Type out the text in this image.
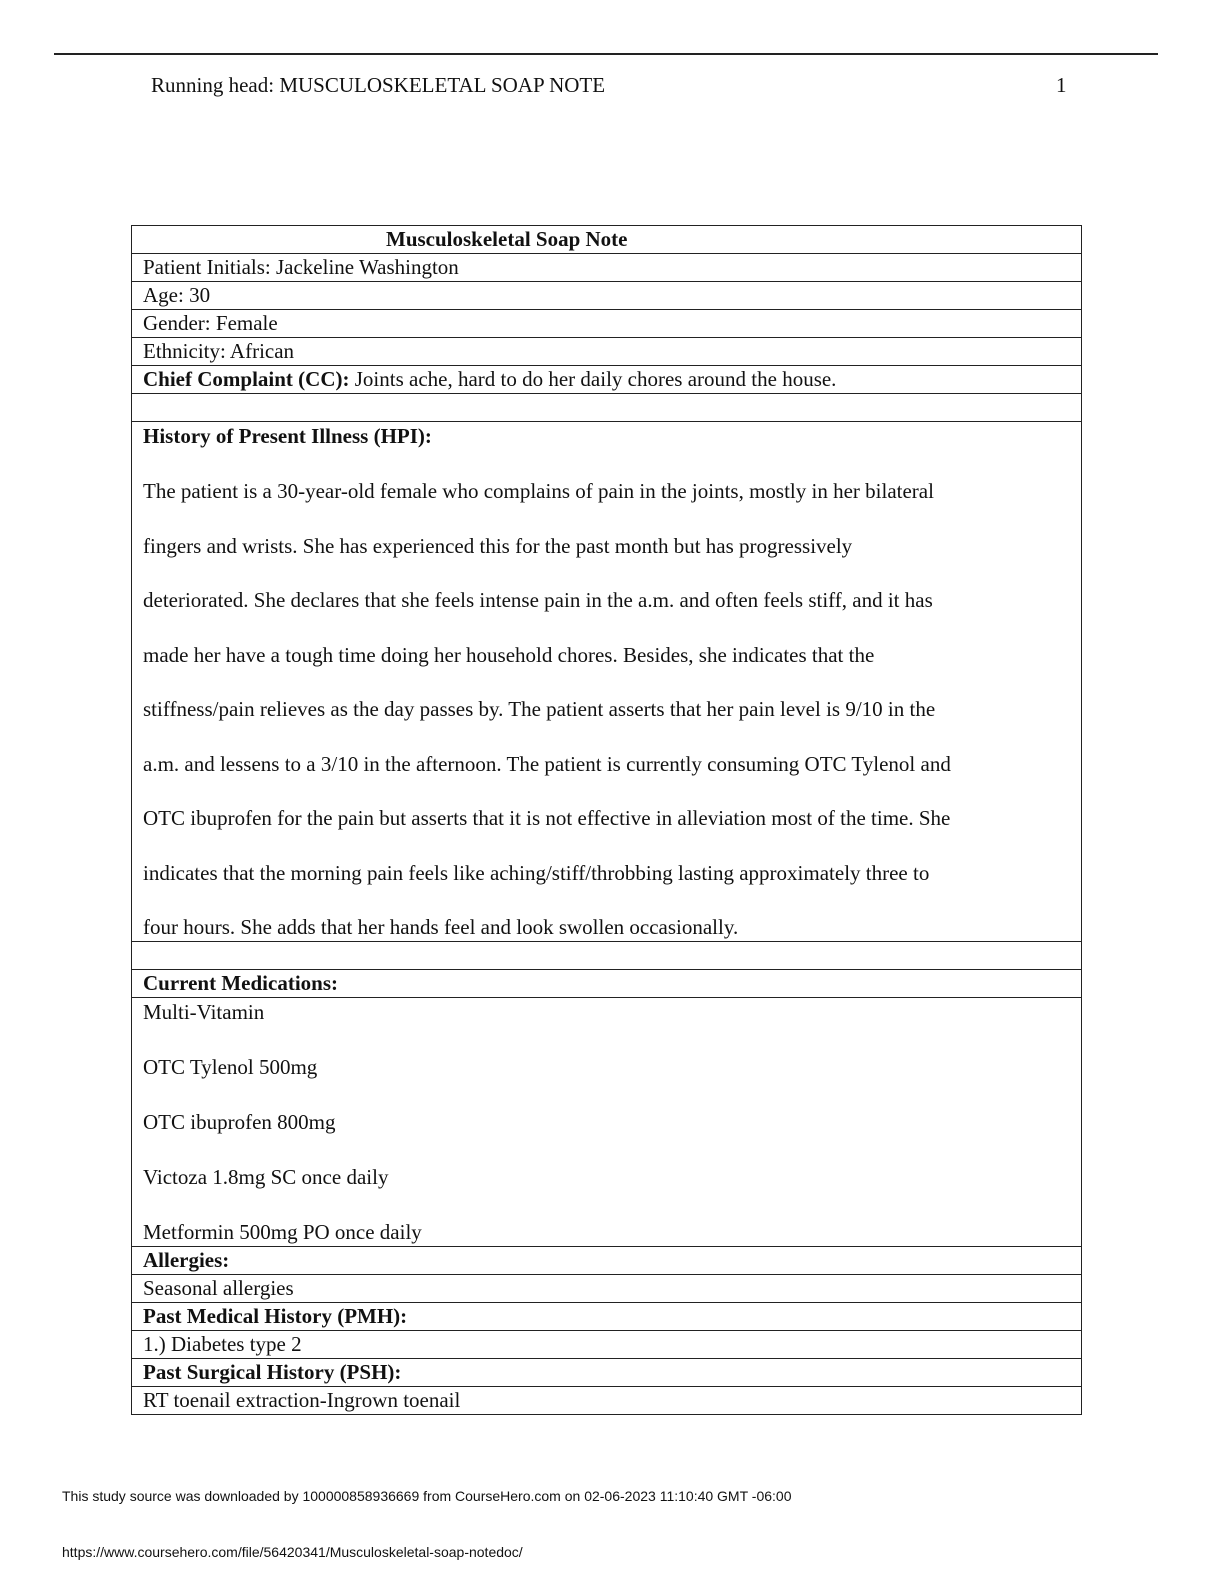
Running head: MUSCULOSKELETAL SOAP NOTE	1
Musculoskeletal Soap Note
Patient Initials: Jackeline Washington
Age: 30
Gender: Female
Ethnicity: African
Chief Complaint (CC): Joints ache, hard to do her daily chores around the house.

History of Present Illness (HPI):
The patient is a 30-year-old female who complains of pain in the joints, mostly in her bilateral
fingers and wrists. She has experienced this for the past month but has progressively
deteriorated. She declares that she feels intense pain in the a.m. and often feels stiff, and it has
made her have a tough time doing her household chores. Besides, she indicates that the
stiffness/pain relieves as the day passes by. The patient asserts that her pain level is 9/10 in the
a.m. and lessens to a 3/10 in the afternoon. The patient is currently consuming OTC Tylenol and
OTC ibuprofen for the pain but asserts that it is not effective in alleviation most of the time. She
indicates that the morning pain feels like aching/stiff/throbbing lasting approximately three to
four hours. She adds that her hands feel and look swollen occasionally.

Current Medications:

Multi-Vitamin
OTC Tylenol 500mg
OTC ibuprofen 800mg
Victoza 1.8mg SC once daily
Metformin 500mg PO once daily

Allergies:
Seasonal allergies
Past Medical History (PMH):
1.) Diabetes type 2
Past Surgical History (PSH):
RT toenail extraction-Ingrown toenail
This study source was downloaded by 100000858936669 from CourseHero.com on 02-06-2023 11:10:40 GMT -06:00
https://www.coursehero.com/file/56420341/Musculoskeletal-soap-notedoc/
